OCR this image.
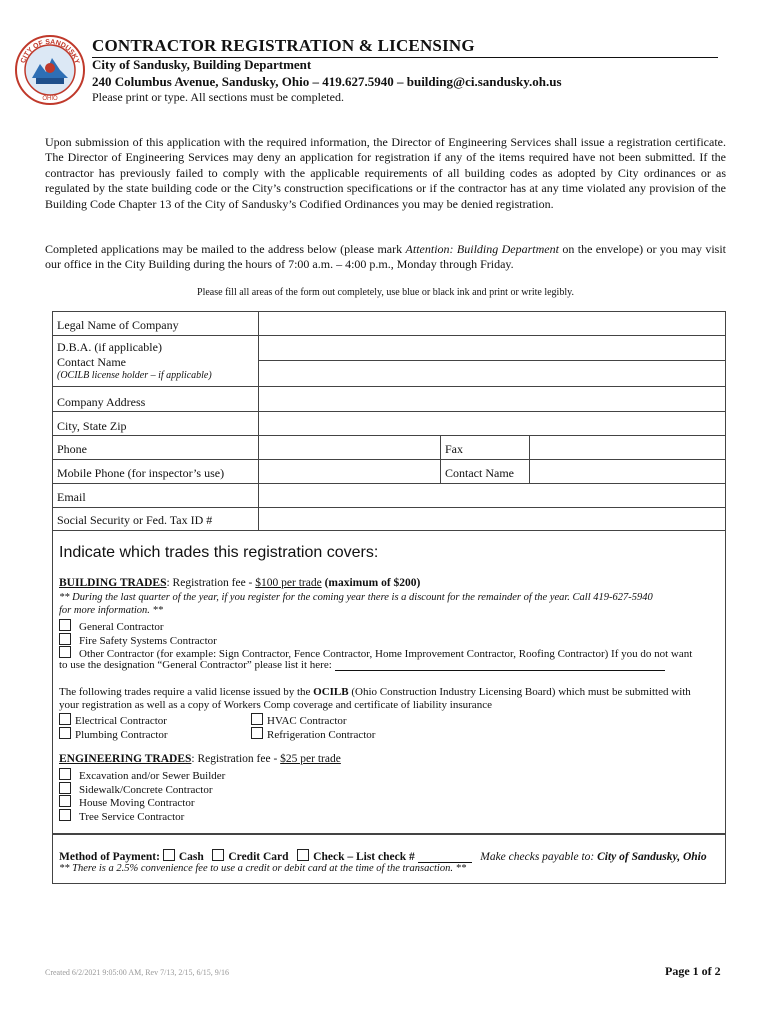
CITY OF SANDUSKY
OHIO
CONTRACTOR REGISTRATION & LICENSING
City of Sandusky, Building Department
240 Columbus Avenue, Sandusky, Ohio – 419.627.5940 – building@ci.sandusky.oh.us
Please print or type. All sections must be completed.
Upon submission of this application with the required information, the Director of Engineering Services shall issue a registration certificate. The Director of Engineering Services may deny an application for registration if any of the items required have not been submitted. If the contractor has previously failed to comply with the applicable requirements of all building codes as adopted by City ordinances or as regulated by the state building code or the City’s construction specifications or if the contractor has at any time violated any provision of the Building Code Chapter 13 of the City of Sandusky’s Codified Ordinances you may be denied registration.
Completed applications may be mailed to the address below (please mark Attention: Building Department on the envelope) or you may visit our office in the City Building during the hours of 7:00 a.m. – 4:00 p.m., Monday through Friday.
Please fill all areas of the form out completely, use blue or black ink and print or write legibly.
Legal Name of Company			

D.B.A. (if applicable)
Contact Name
(OCILB license holder – if applicable)			

Company Address			
City, State Zip			
Phone		Fax	
Mobile Phone (for inspector’s use)		Contact Name	
Email			
Social Security or Fed. Tax ID #			
Indicate which trades this registration covers:
BUILDING TRADES: Registration fee - $100 per trade (maximum of $200)
** During the last quarter of the year, if you register for the coming year there is a discount for the remainder of the year. Call 419-627-5940
for more information. **
General Contractor
Fire Safety Systems Contractor
Other Contractor (for example: Sign Contractor, Fence Contractor, Home Improvement Contractor, Roofing Contractor) If you do not want
to use the designation “General Contractor” please list it here:
The following trades require a valid license issued by the OCILB (Ohio Construction Industry Licensing Board) which must be submitted with
your registration as well as a copy of Workers Comp coverage and certificate of liability insurance
Electrical Contractor	HVAC Contractor
Plumbing Contractor	Refrigeration Contractor
ENGINEERING TRADES: Registration fee - $25 per trade
Excavation and/or Sewer Builder
Sidewalk/Concrete Contractor
House Moving Contractor
Tree Service Contractor
Method of Payment: Cash Credit Card Check – List check #	Make checks payable to: City of Sandusky, Ohio
** There is a 2.5% convenience fee to use a credit or debit card at the time of the transaction. **
Created 6/2/2021 9:05:00 AM, Rev 7/13, 2/15, 6/15, 9/16	Page 1 of 2
